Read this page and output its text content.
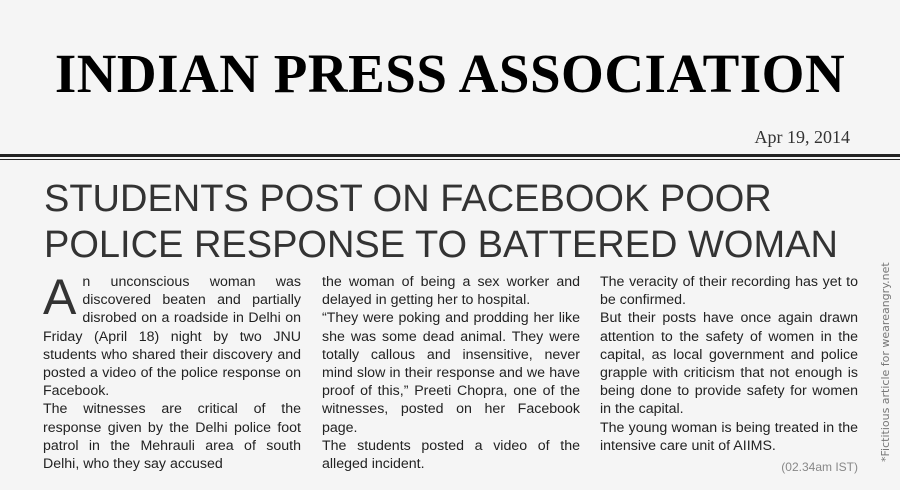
INDIAN PRESS ASSOCIATION
Apr 19, 2014
STUDENTS POST ON FACEBOOK POOR POLICE RESPONSE TO BATTERED WOMAN

An unconscious woman was discovered beaten and partially disrobed on a roadside in Delhi on Friday (April 18) night by two JNU students who shared their discovery and posted a video of the police response on Facebook.

The witnesses are critical of the response given by the Delhi police foot patrol in the Mehrauli area of south Delhi, who they say accused

the woman of being a sex worker and delayed in getting her to hospital.

“They were poking and prodding her like she was some dead animal. They were totally callous and insensitive, never mind slow in their response and we have proof of this,” Preeti Chopra, one of the witnesses, posted on her Facebook page.

The students posted a video of the alleged incident.

The veracity of their recording has yet to be confirmed.

But their posts have once again drawn attention to the safety of women in the capital, as local government and police grapple with criticism that not enough is being done to provide safety for women in the capital.

The young woman is being treated in the intensive care unit of AIIMS.

(02.34am IST)
*Fictitious article for weareangry.net
